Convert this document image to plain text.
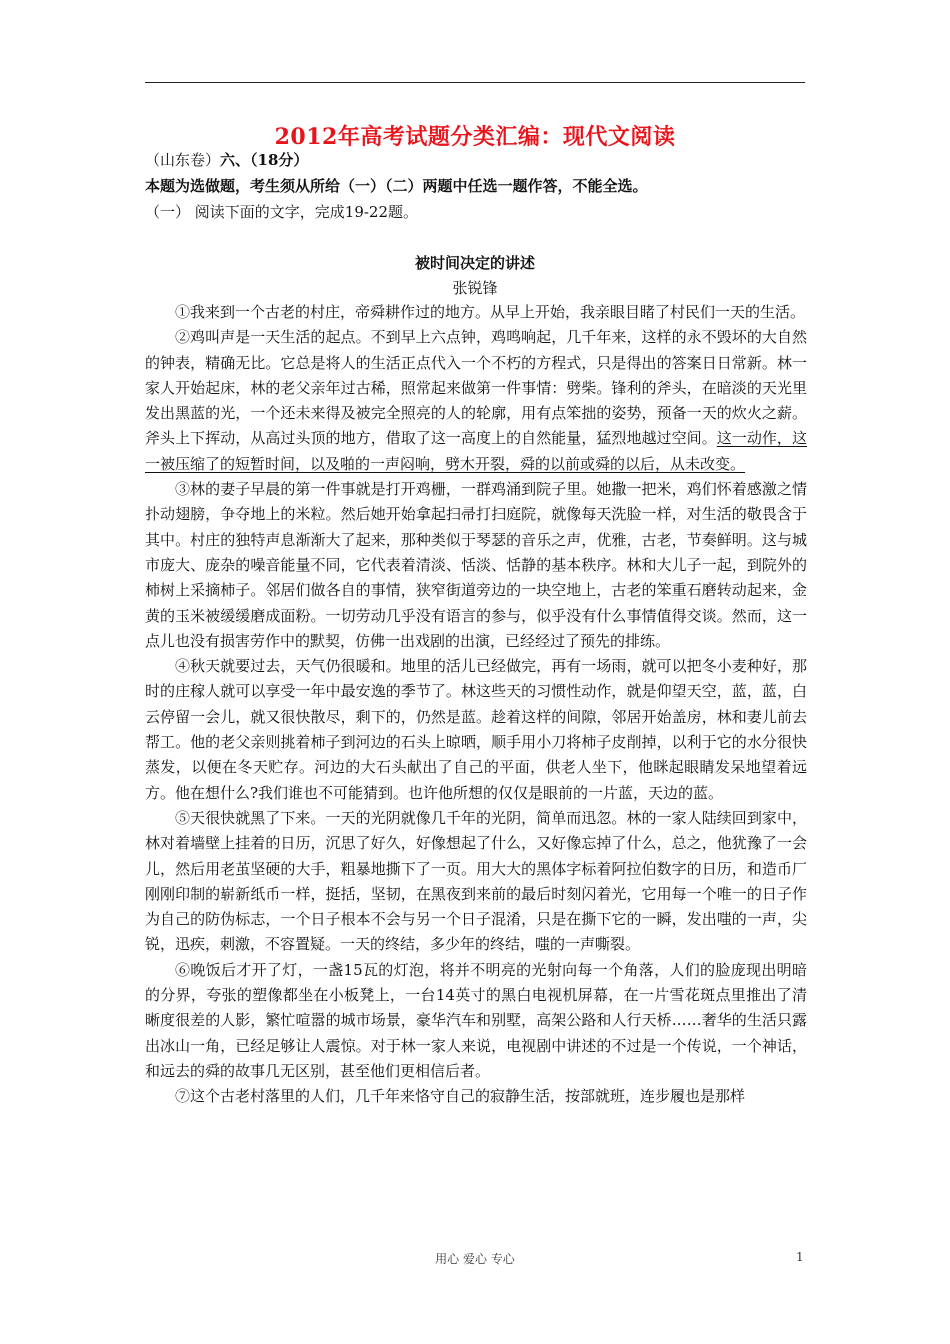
2012年高考试题分类汇编：现代文阅读
（山东卷）六、（18分）
本题为选做题，考生须从所给（一）（二）两题中任选一题作答，不能全选。
（一） 阅读下面的文字，完成19-22题。
被时间决定的讲述
张锐锋

①我来到一个古老的村庄，帝舜耕作过的地方。从早上开始，我亲眼目睹了村民们一天的生活。

②鸡叫声是一天生活的起点。不到早上六点钟，鸡鸣响起，几千年来，这样的永不毁坏的大自然的钟表，精确无比。它总是将人的生活正点代入一个不朽的方程式，只是得出的答案日日常新。林一家人开始起床，林的老父亲年过古稀，照常起来做第一件事情：劈柴。锋利的斧头，在暗淡的天光里发出黑蓝的光，一个还未来得及被完全照亮的人的轮廓，用有点笨拙的姿势，预备一天的炊火之薪。斧头上下挥动，从高过头顶的地方，借取了这一高度上的自然能量，猛烈地越过空间。这一动作，这一被压缩了的短暂时间，以及啪的一声闷响，劈木开裂，舜的以前或舜的以后，从未改变。

③林的妻子早晨的第一件事就是打开鸡栅，一群鸡涌到院子里。她撒一把米，鸡们怀着感激之情扑动翅膀，争夺地上的米粒。然后她开始拿起扫帚打扫庭院，就像每天洗脸一样，对生活的敬畏含于其中。村庄的独特声息渐渐大了起来，那种类似于琴瑟的音乐之声，优雅，古老，节奏鲜明。这与城市庞大、庞杂的噪音能量不同，它代表着清淡、恬淡、恬静的基本秩序。林和大儿子一起，到院外的柿树上采摘柿子。邻居们做各自的事情，狭窄街道旁边的一块空地上，古老的笨重石磨转动起来，金黄的玉米被缓缓磨成面粉。一切劳动几乎没有语言的参与，似乎没有什么事情值得交谈。然而，这一点儿也没有损害劳作中的默契，仿佛一出戏剧的出演，已经经过了预先的排练。

④秋天就要过去，天气仍很暖和。地里的活儿已经做完，再有一场雨，就可以把冬小麦种好，那时的庄稼人就可以享受一年中最安逸的季节了。林这些天的习惯性动作，就是仰望天空，蓝，蓝，白云停留一会儿，就又很快散尽，剩下的，仍然是蓝。趁着这样的间隙，邻居开始盖房，林和妻儿前去帮工。他的老父亲则挑着柿子到河边的石头上晾晒，顺手用小刀将柿子皮削掉，以利于它的水分很快蒸发，以便在冬天贮存。河边的大石头献出了自己的平面，供老人坐下，他眯起眼睛发呆地望着远方。他在想什么?我们谁也不可能猜到。也许他所想的仅仅是眼前的一片蓝，天边的蓝。

⑤天很快就黑了下来。一天的光阴就像几千年的光阴，简单而迅忽。林的一家人陆续回到家中，林对着墙壁上挂着的日历，沉思了好久，好像想起了什么，又好像忘掉了什么，总之，他犹豫了一会儿，然后用老茧坚硬的大手，粗暴地撕下了一页。用大大的黑体字标着阿拉伯数字的日历，和造币厂刚刚印制的崭新纸币一样，挺括，坚韧，在黑夜到来前的最后时刻闪着光，它用每一个唯一的日子作为自己的防伪标志，一个日子根本不会与另一个日子混淆，只是在撕下它的一瞬，发出嗤的一声，尖锐，迅疾，刺激，不容置疑。一天的终结，多少年的终结，嗤的一声嘶裂。

⑥晚饭后才开了灯，一盏15瓦的灯泡，将并不明亮的光射向每一个角落，人们的脸庞现出明暗的分界，夸张的塑像都坐在小板凳上，一台14英寸的黑白电视机屏幕，在一片雪花斑点里推出了清晰度很差的人影，繁忙喧嚣的城市场景，豪华汽车和别墅，高架公路和人行天桥……奢华的生活只露出冰山一角，已经足够让人震惊。对于林一家人来说，电视剧中讲述的不过是一个传说，一个神话，和远去的舜的故事几无区别，甚至他们更相信后者。

⑦这个古老村落里的人们，几千年来恪守自己的寂静生活，按部就班，连步履也是那样

用心 爱心 专心	1
